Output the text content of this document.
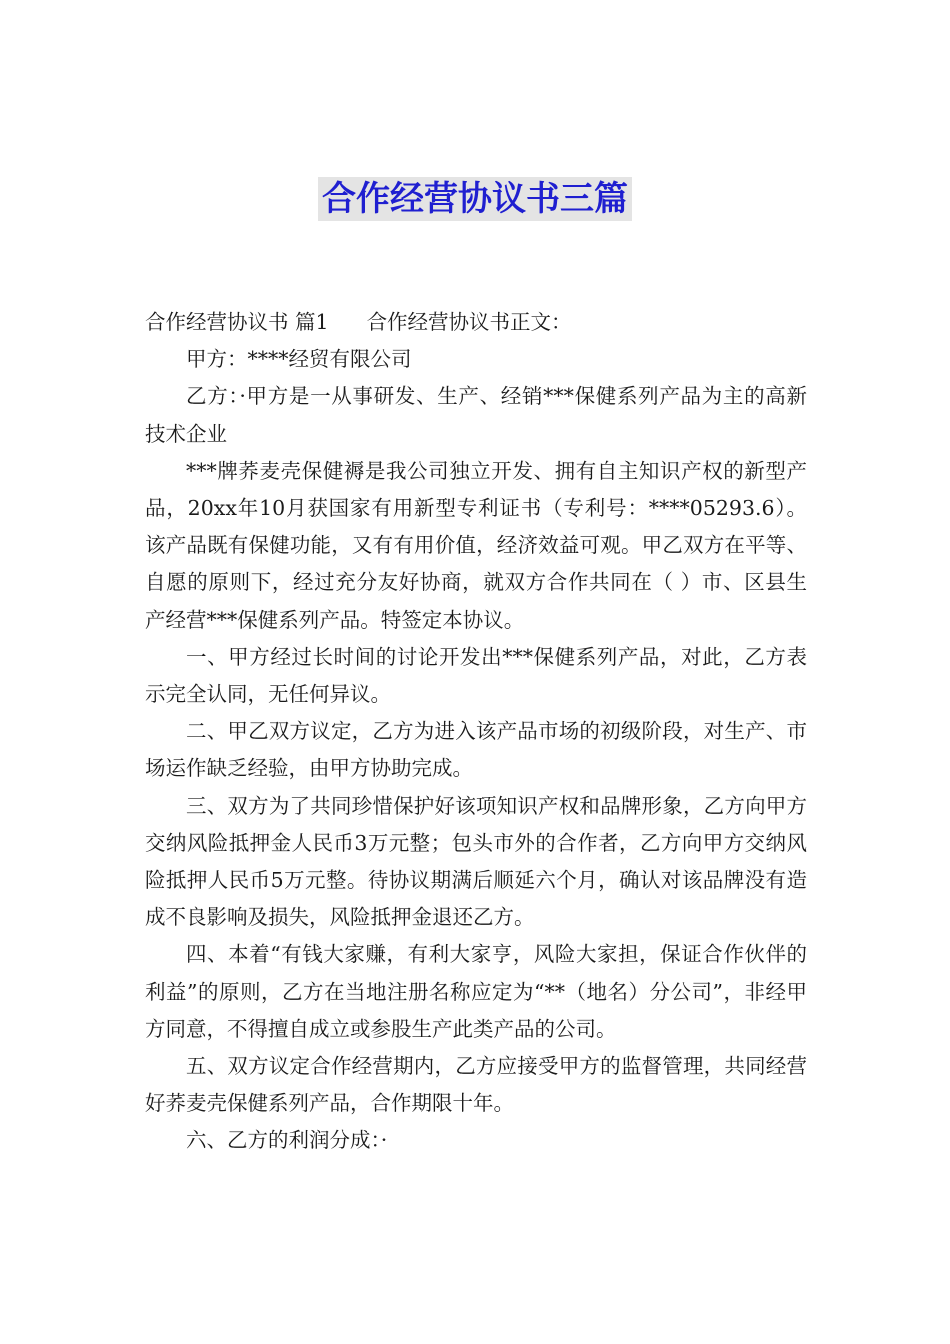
合作经营协议书三篇

合作经营协议书 篇1 合作经营协议书正文：

甲方：****经贸有限公司

乙方：·甲方是一从事研发、生产、经销***保健系列产品为主的高新技术企业

***牌荞麦壳保健褥是我公司独立开发、拥有自主知识产权的新型产品，20xx年10月获国家有用新型专利证书（专利号：****05293.6）。该产品既有保健功能，又有有用价值，经济效益可观。甲乙双方在平等、自愿的原则下，经过充分友好协商，就双方合作共同在（ ）市、区县生产经营***保健系列产品。特签定本协议。

一、甲方经过长时间的讨论开发出***保健系列产品，对此，乙方表示完全认同，无任何异议。

二、甲乙双方议定，乙方为进入该产品市场的初级阶段，对生产、市场运作缺乏经验，由甲方协助完成。

三、双方为了共同珍惜保护好该项知识产权和品牌形象，乙方向甲方交纳风险抵押金人民币3万元整；包头市外的合作者，乙方向甲方交纳风险抵押人民币5万元整。待协议期满后顺延六个月，确认对该品牌没有造成不良影响及损失，风险抵押金退还乙方。

四、本着“有钱大家赚，有利大家亨，风险大家担，保证合作伙伴的利益”的原则，乙方在当地注册名称应定为“**（地名）分公司”，非经甲方同意，不得擅自成立或参股生产此类产品的公司。

五、双方议定合作经营期内，乙方应接受甲方的监督管理，共同经营好荞麦壳保健系列产品，合作期限十年。

六、乙方的利润分成：·
